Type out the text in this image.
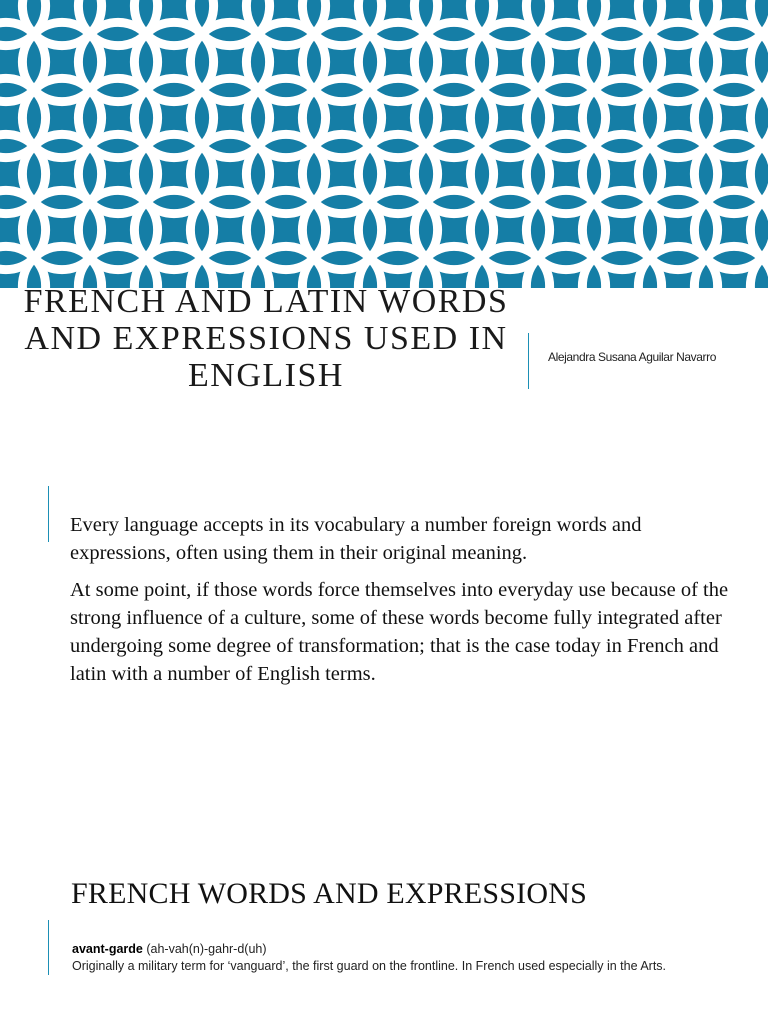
FRENCH AND LATIN WORDS AND EXPRESSIONS USED IN ENGLISH	Alejandra Susana Aguilar Navarro

Every language accepts in its vocabulary a number foreign words and expressions, often using them in their original meaning.

At some point, if those words force themselves into everyday use because of the strong influence of a culture, some of these words become fully integrated after undergoing some degree of transformation; that is the case today in French and latin with a number of English terms.

FRENCH WORDS AND EXPRESSIONS
avant-garde (ah-vah(n)-gahr-d(uh)
Originally a military term for ‘vanguard’, the first guard on the frontline. In French used especially in the Arts.
